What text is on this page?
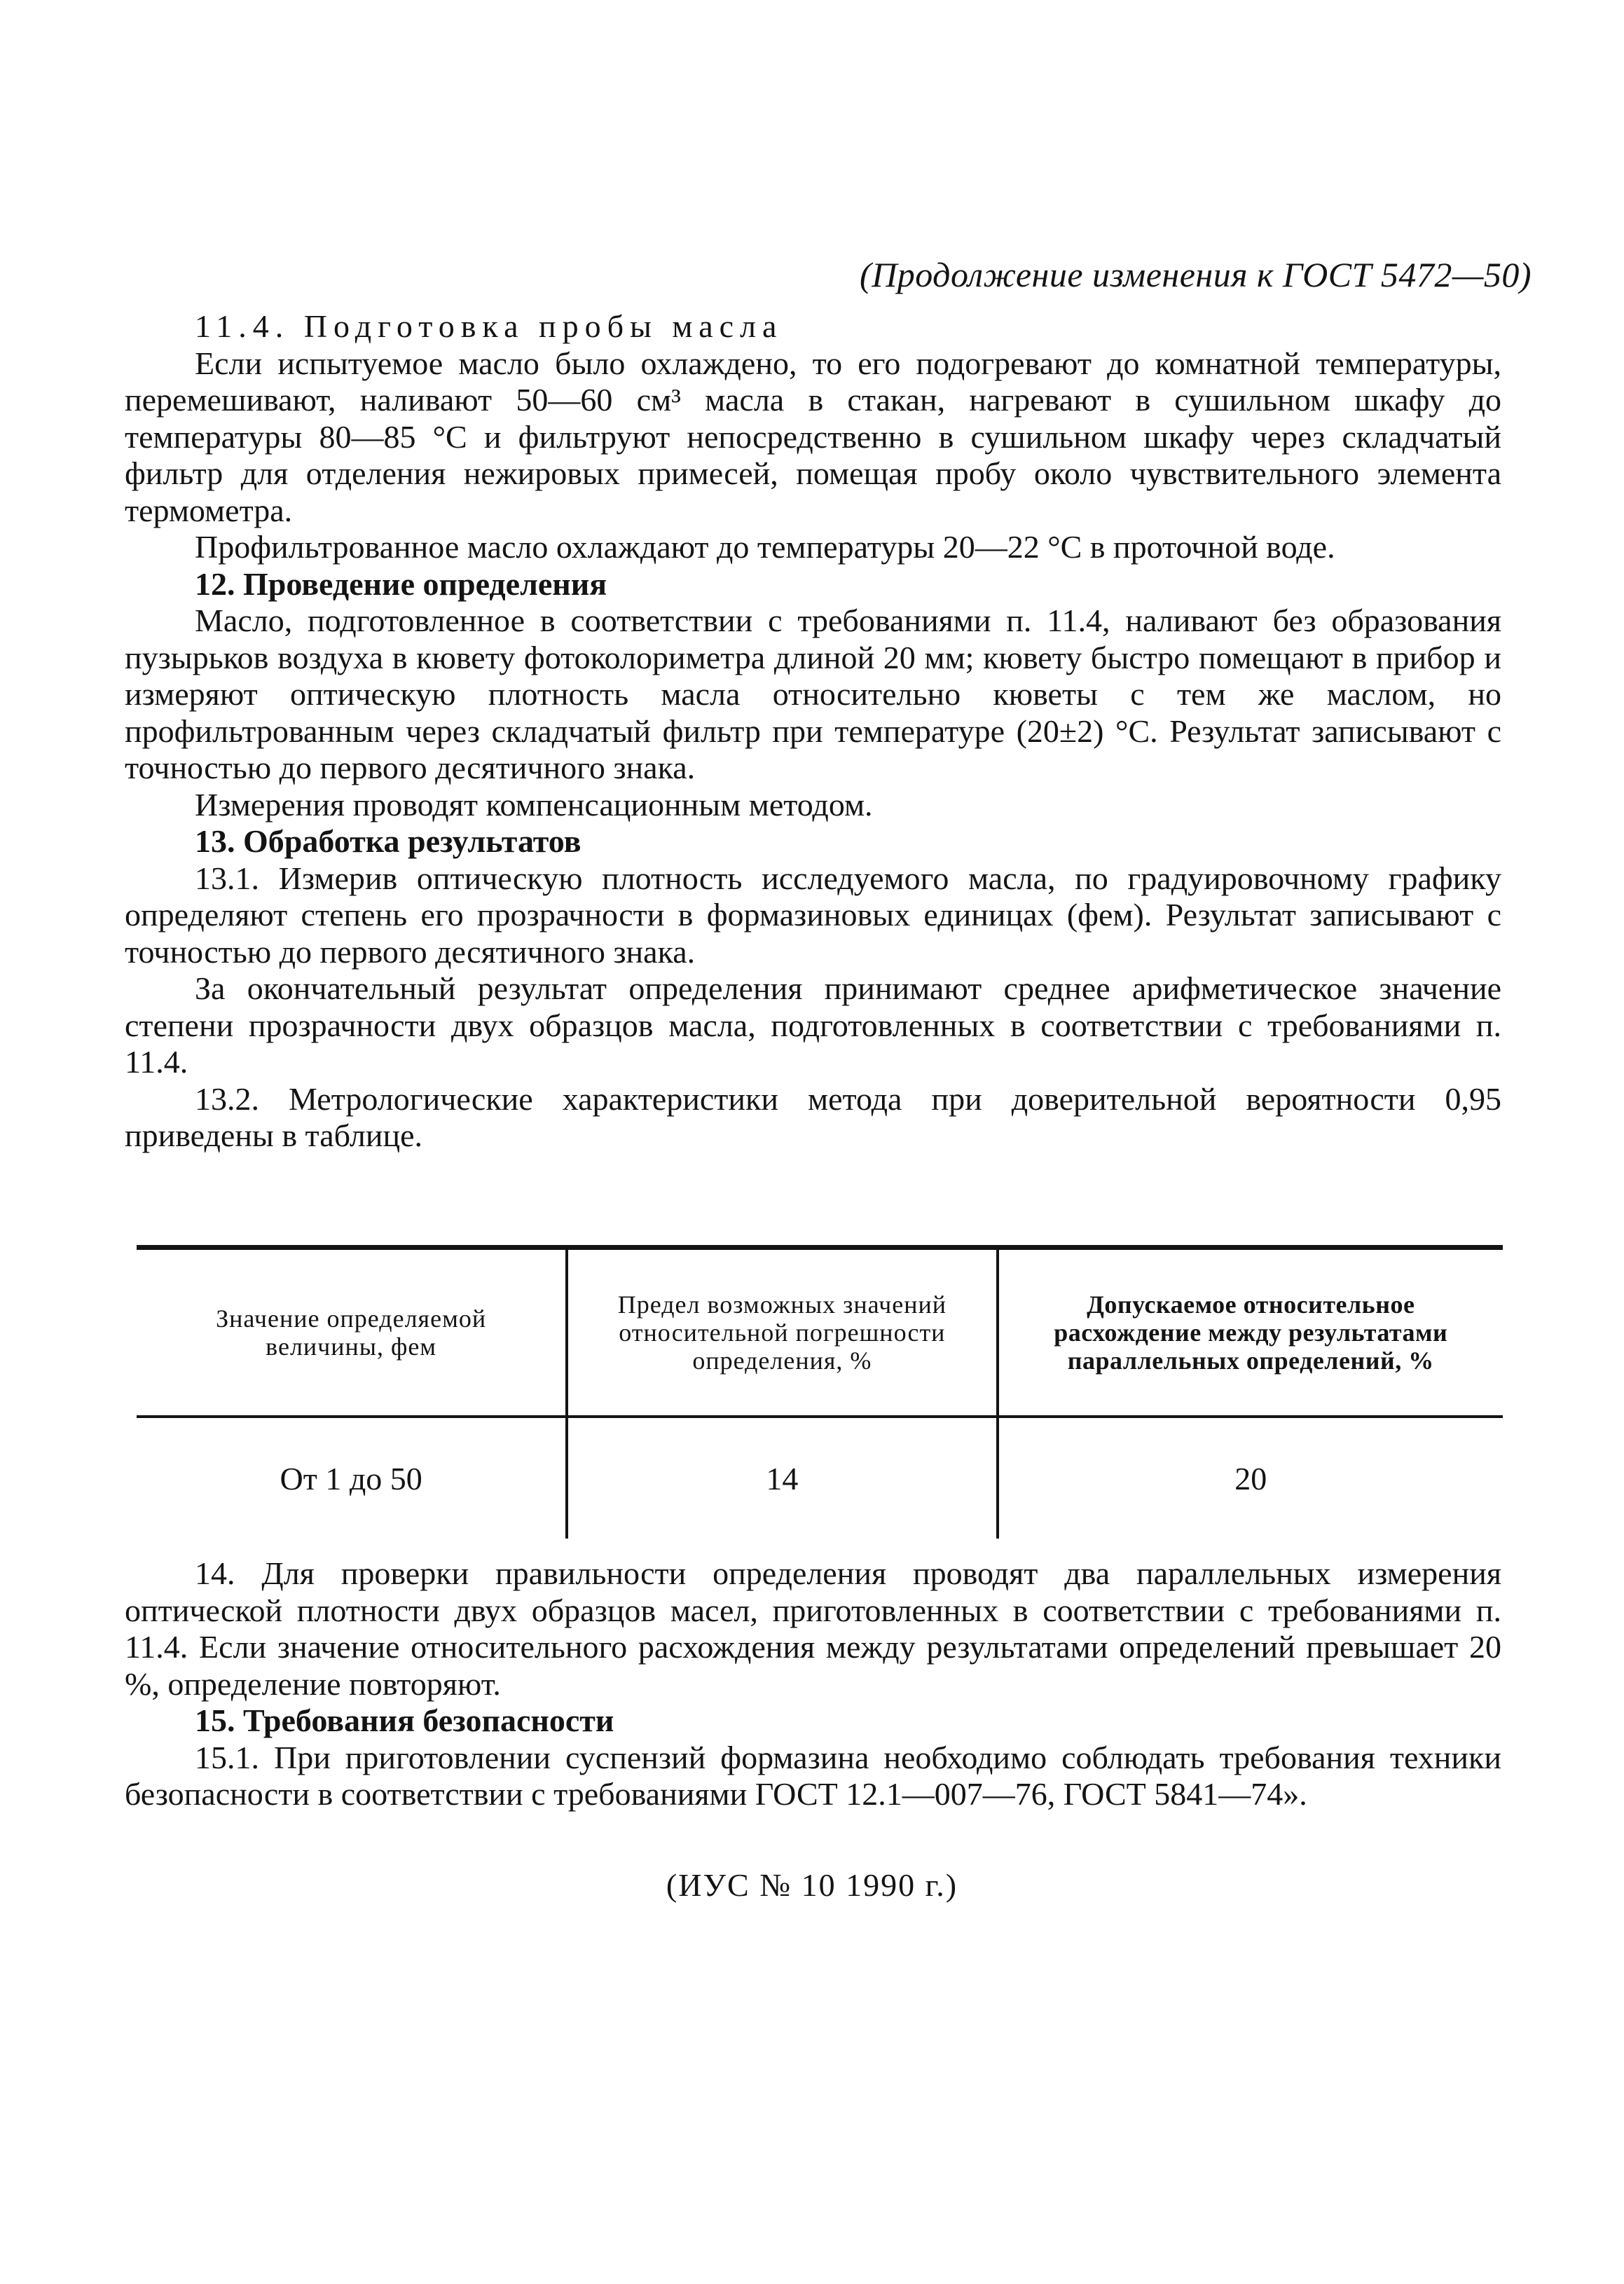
(Продолжение изменения к ГОСТ 5472—50)

11.4. Подготовка пробы масла

Если испытуемое масло было охлаждено, то его подогревают до комнатной температуры, перемешивают, наливают 50—60 см³ масла в стакан, нагревают в сушильном шкафу до температуры 80—85 °С и фильтруют непосредственно в сушильном шкафу через складчатый фильтр для отделения нежировых примесей, помещая пробу около чувствительного элемента термометра.

Профильтрованное масло охлаждают до температуры 20—22 °С в проточной воде.

12. Проведение определения

Масло, подготовленное в соответствии с требованиями п. 11.4, наливают без образования пузырьков воздуха в кювету фотоколориметра длиной 20 мм; кювету быстро помещают в прибор и измеряют оптическую плотность масла относительно кюветы с тем же маслом, но профильтрованным через складчатый фильтр при температуре (20±2) °С. Результат записывают с точностью до первого десятичного знака.

Измерения проводят компенсационным методом.

13. Обработка результатов

13.1. Измерив оптическую плотность исследуемого масла, по градуировочному графику определяют степень его прозрачности в формазиновых единицах (фем). Результат записывают с точностью до первого десятичного знака.

За окончательный результат определения принимают среднее арифметическое значение степени прозрачности двух образцов масла, подготовленных в соответствии с требованиями п. 11.4.

13.2. Метрологические характеристики метода при доверительной вероятности 0,95 приведены в таблице.

Значение определяемой величины, фем	Предел возможных значений относительной погрешности определения, %	Допускаемое относительное расхождение между результатами параллельных определений, %
От 1 до 50	14	20

14. Для проверки правильности определения проводят два параллельных измерения оптической плотности двух образцов масел, приготовленных в соответствии с требованиями п. 11.4. Если значение относительного расхождения между результатами определений превышает 20 %, определение повторяют.

15. Требования безопасности

15.1. При приготовлении суспензий формазина необходимо соблюдать требования техники безопасности в соответствии с требованиями ГОСТ 12.1—007—76, ГОСТ 5841—74».

(ИУС № 10 1990 г.)
